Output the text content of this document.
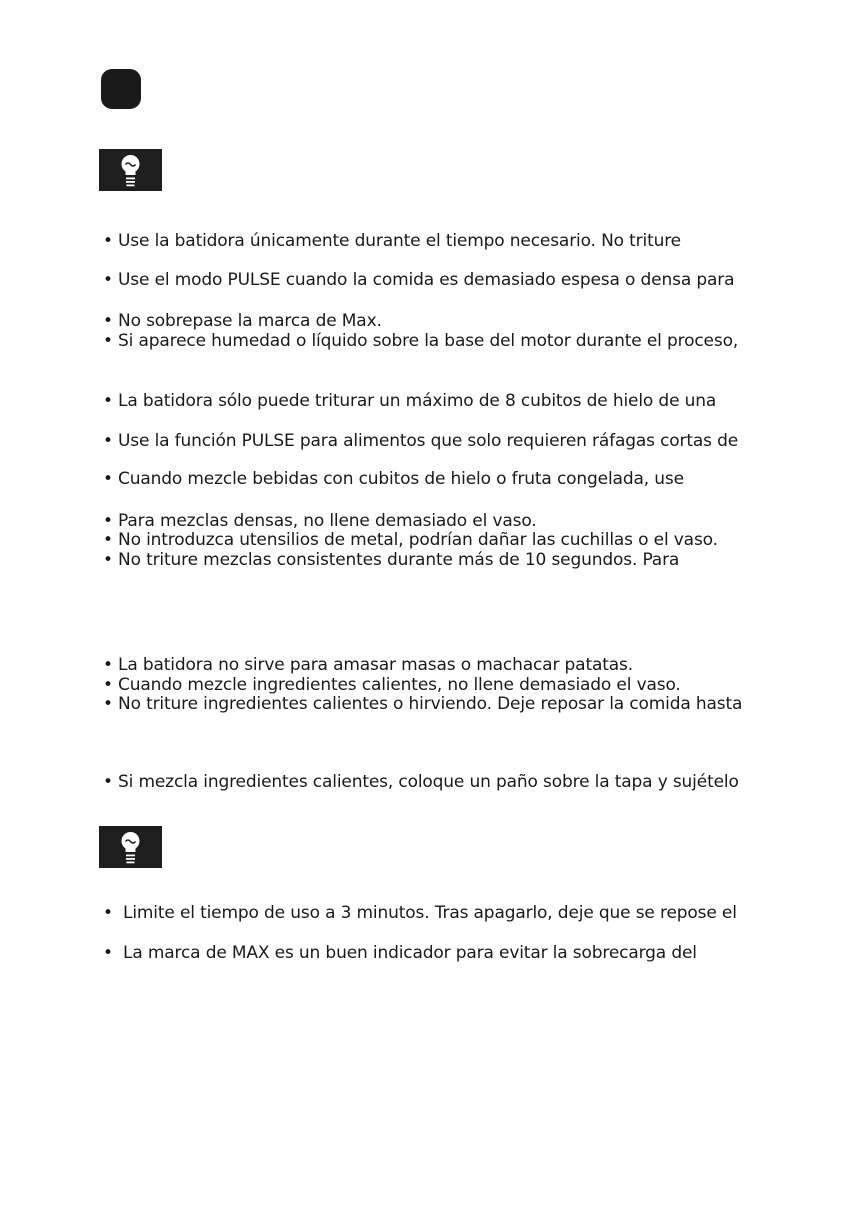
• Use la batidora únicamente durante el tiempo necesario. No triture

• Use el modo PULSE cuando la comida es demasiado espesa o densa para

• No sobrepase la marca de Max.

• Si aparece humedad o líquido sobre la base del motor durante el proceso,

• La batidora sólo puede triturar un máximo de 8 cubitos de hielo de una

• Use la función PULSE para alimentos que solo requieren ráfagas cortas de

• Cuando mezcle bebidas con cubitos de hielo o fruta congelada, use

• Para mezclas densas, no llene demasiado el vaso.

• No introduzca utensilios de metal, podrían dañar las cuchillas o el vaso.

• No triture mezclas consistentes durante más de 10 segundos. Para

• La batidora no sirve para amasar masas o machacar patatas.

• Cuando mezcle ingredientes calientes, no llene demasiado el vaso.

• No triture ingredientes calientes o hirviendo. Deje reposar la comida hasta

• Si mezcla ingredientes calientes, coloque un paño sobre la tapa y sujételo

• Limite el tiempo de uso a 3 minutos. Tras apagarlo, deje que se repose el

• La marca de MAX es un buen indicador para evitar la sobrecarga del
